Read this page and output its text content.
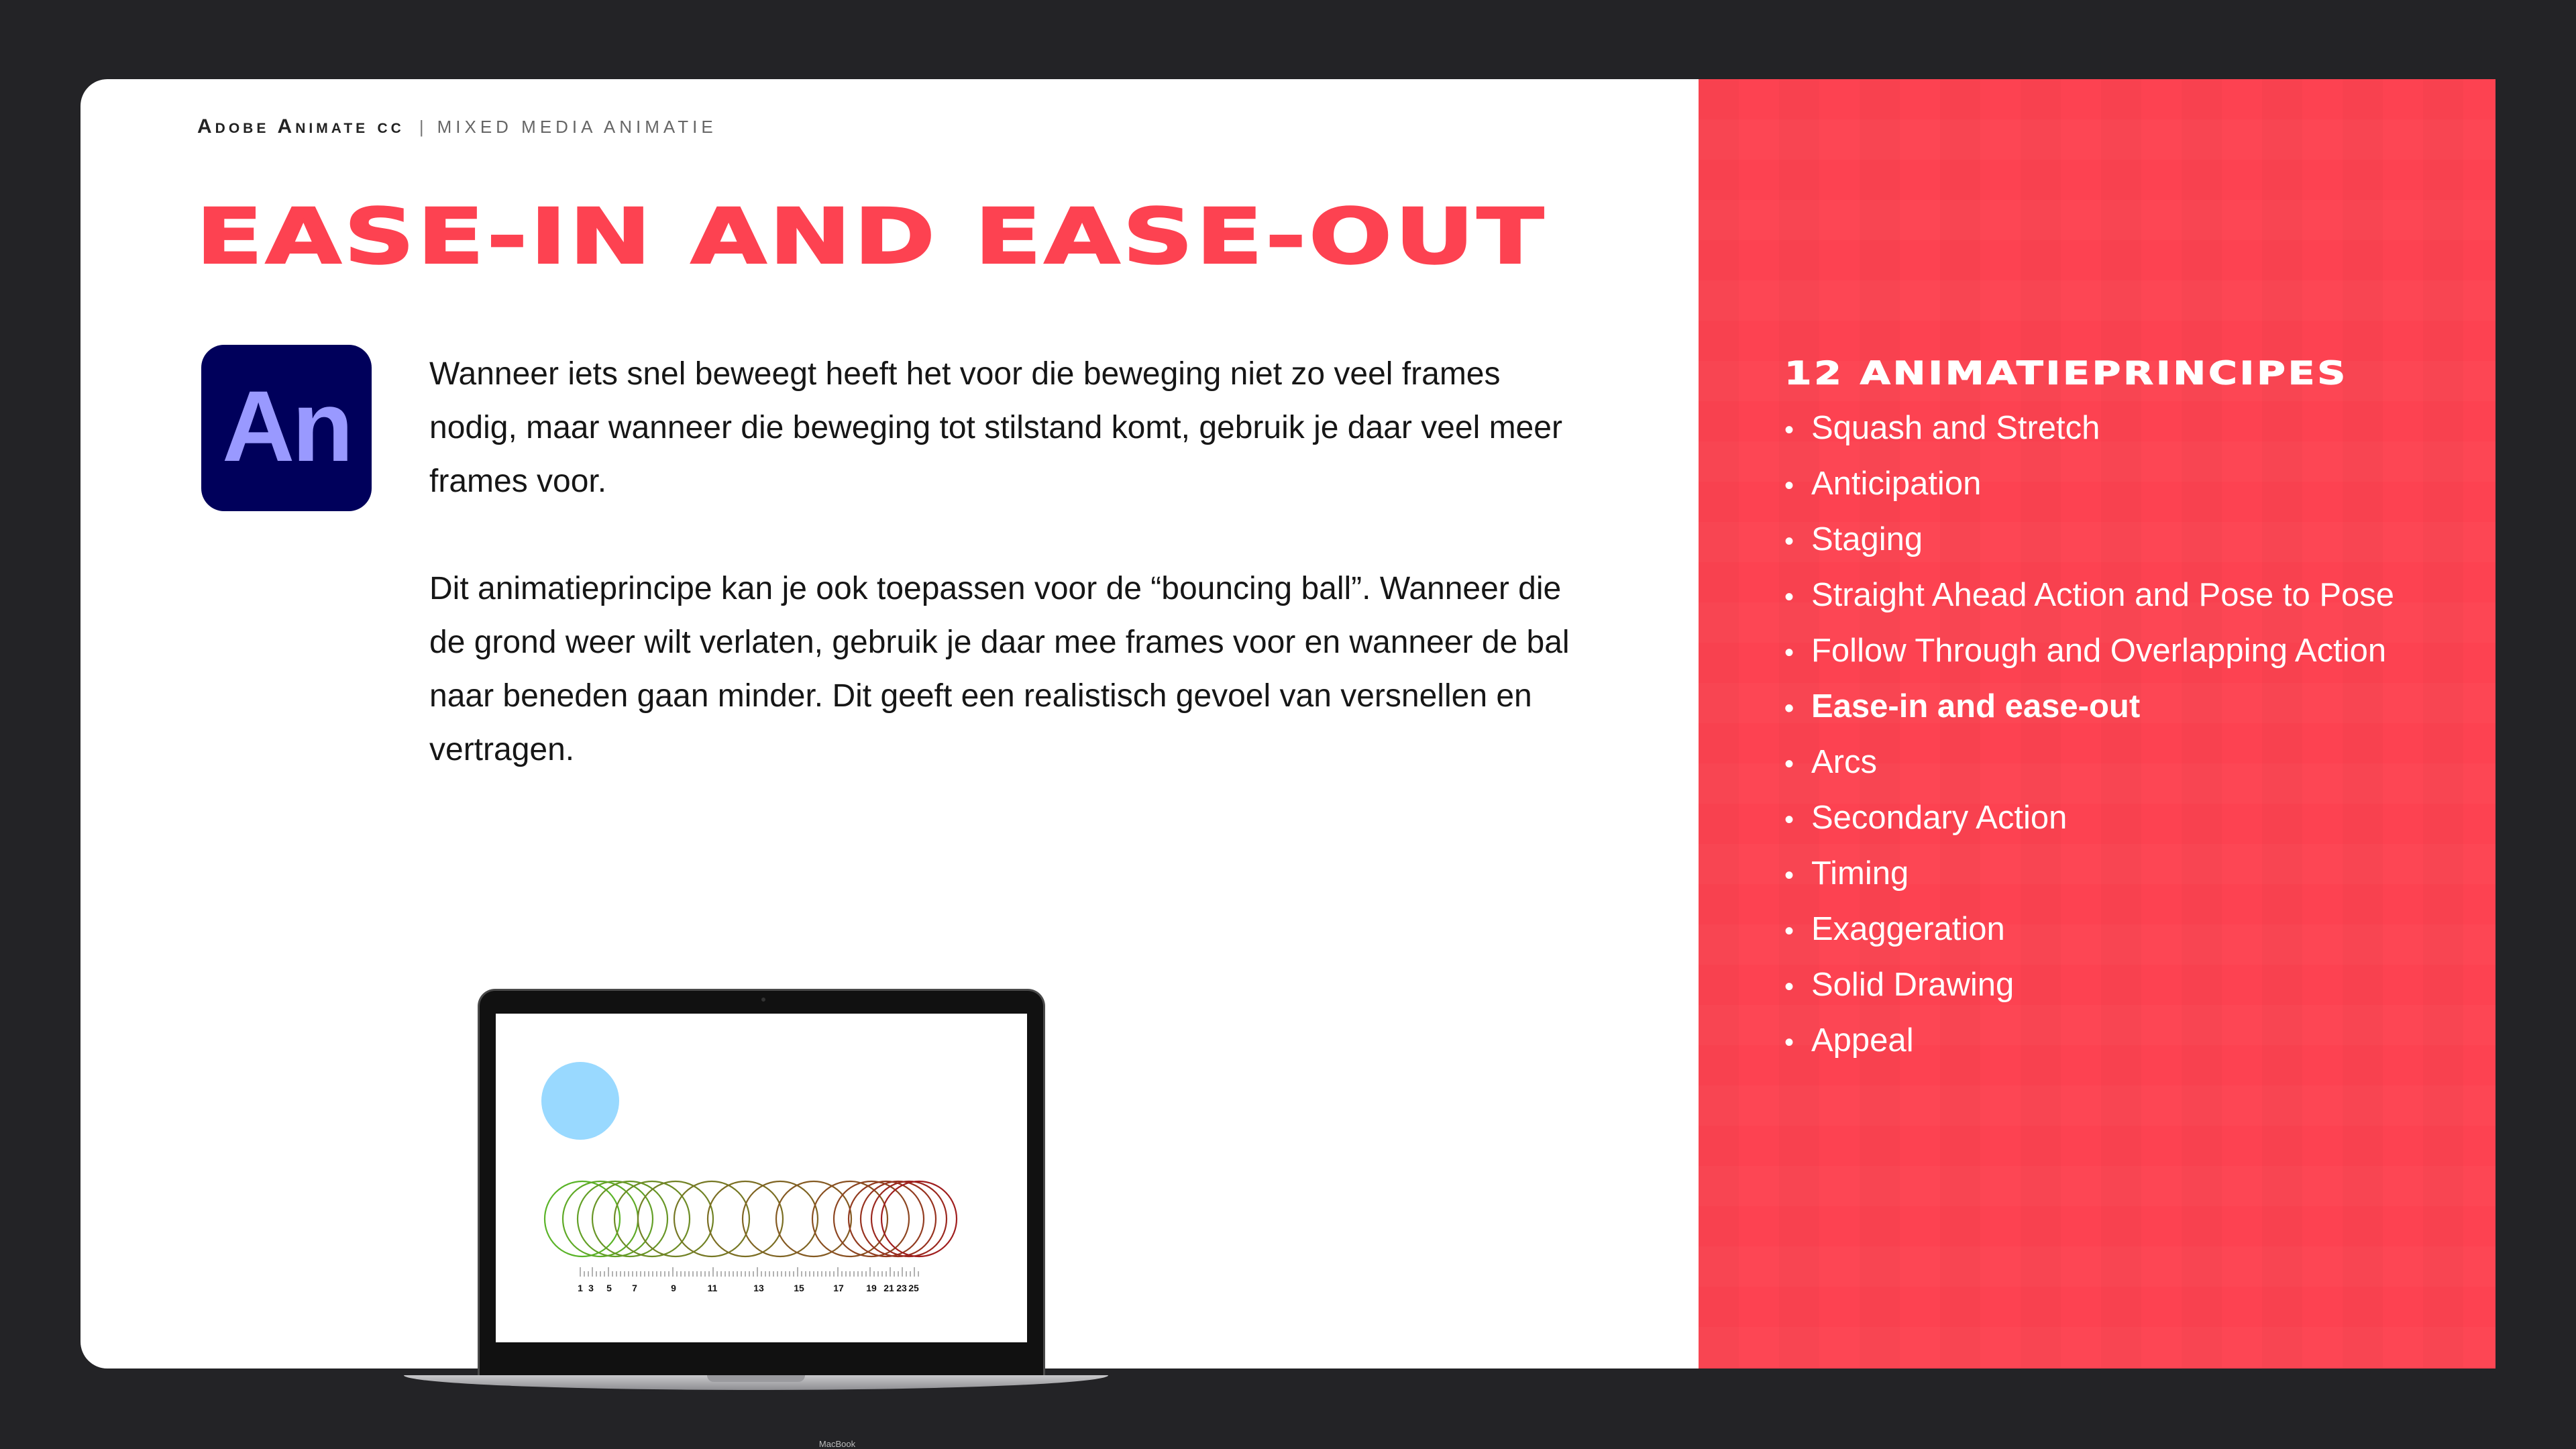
Adobe Animate cc | MIXED MEDIA ANIMATIE
EASE-IN AND EASE-OUT
An Wanneer iets snel beweegt heeft het voor die beweging niet zo veel frames nodig, maar wanneer die beweging tot stilstand komt, gebruik je daar veel meer frames voor.

Dit animatieprincipe kan je ook toepassen voor de “bouncing ball”. Wanneer die de grond weer wilt verlaten, gebruik je daar mee frames voor en wanneer de bal naar beneden gaan minder. Dit geeft een realistisch gevoel van versnellen en vertragen.

1 3 5 7	9	11	13	15	17 19 21 23 25
MacBook
12 ANIMATIEPRINCIPES
• Squash and Stretch
• Anticipation
• Staging
• Straight Ahead Action and Pose to Pose
• Follow Through and Overlapping Action
• Ease-in and ease-out
• Arcs
• Secondary Action
• Timing
• Exaggeration
• Solid Drawing
• Appeal
